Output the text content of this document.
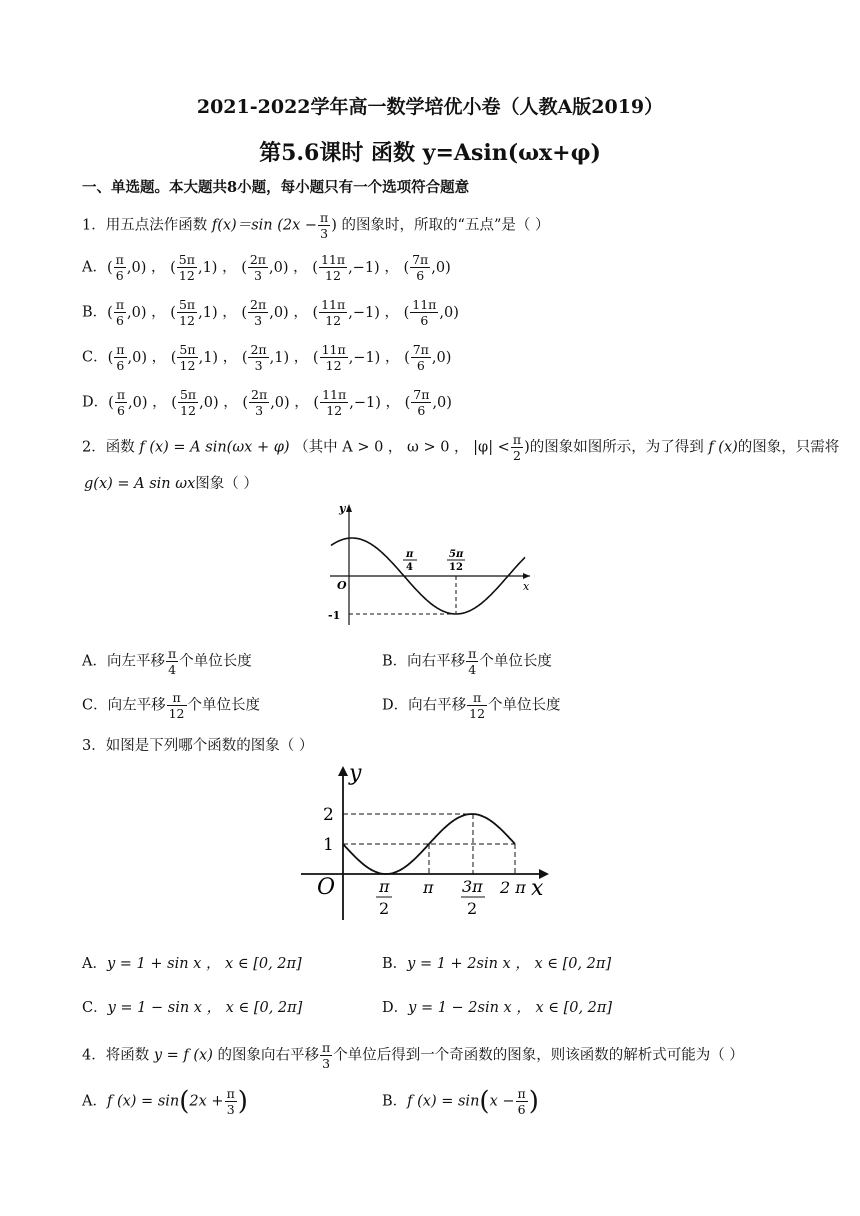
2021-2022学年高一数学培优小卷（人教A版2019）
第5.6课时 函数 y=Asin(ωx+φ)
一、单选题。本大题共8小题，每小题只有一个选项符合题意
1．用五点法作函数 f(x)＝sin ($2x - \frac{\pi}{3}$ ) 的图象时，所取的“五点”是（ ）
A．( $\frac{\pi}{6} ,0$) ， ( $\frac{5\pi}{12} ,1$) ， ( $\frac{2\pi}{3} ,0$) ， ( $\frac{11\pi}{12} ,-1$) ， ( $\frac{7\pi}{6} ,0$)
B．( $\frac{\pi}{6} ,0$) ， ( $\frac{5\pi}{12} ,1$) ， ( $\frac{2\pi}{3} ,0$) ， ( $\frac{11\pi}{12} ,-1$) ， ( $\frac{11\pi}{6} ,0$)
C．( $\frac{\pi}{6} ,0$) ， ( $\frac{5\pi}{12} ,1$) ， ( $\frac{2\pi}{3} ,1$) ， ( $\frac{11\pi}{12} ,-1$) ， ( $\frac{7\pi}{6} ,0$)
D．( $\frac{\pi}{6} ,0$) ， ( $\frac{5\pi}{12} ,0$) ， ( $\frac{2\pi}{3} ,0$) ， ( $\frac{11\pi}{12} ,-1$) ， ( $\frac{7\pi}{6} ,0$)
2．函数 f (x) = A sin(ωx + φ) （其中 A > 0 ， ω > 0 ， $|\varphi| < \frac{\pi}{2}$ )的图象如图所示，为了得到 f (x)的图象，只需将
g(x) = A sin ωx图象（ ）
y
x
O
-1
π
4
5π
12
A．向左平移 $\frac{\pi}{4}$ 个单位长度	B．向右平移 $\frac{\pi}{4}$ 个单位长度
C．向左平移 $\frac{\pi}{12}$ 个单位长度	D．向右平移 $\frac{\pi}{12}$ 个单位长度
3．如图是下列哪个函数的图象（ ）
y
x
O
2
1
π
2
π 3π
2
2 π
A．y = 1 + sin x ， x ∈ [0, 2π]	B．y = 1 + 2sin x ， x ∈ [0, 2π]
C．y = 1 − sin x ， x ∈ [0, 2π]	D．y = 1 − 2sin x ， x ∈ [0, 2π]
4．将函数 y = f (x) 的图象向右平移 $\frac{\pi}{3}$ 个单位后得到一个奇函数的图象，则该函数的解析式可能为（ ）
A．f $(x) = \sin(2x + \frac{\pi}{3}$ )	B．f $(x) = \sin(x - \frac{\pi}{6}$ )
